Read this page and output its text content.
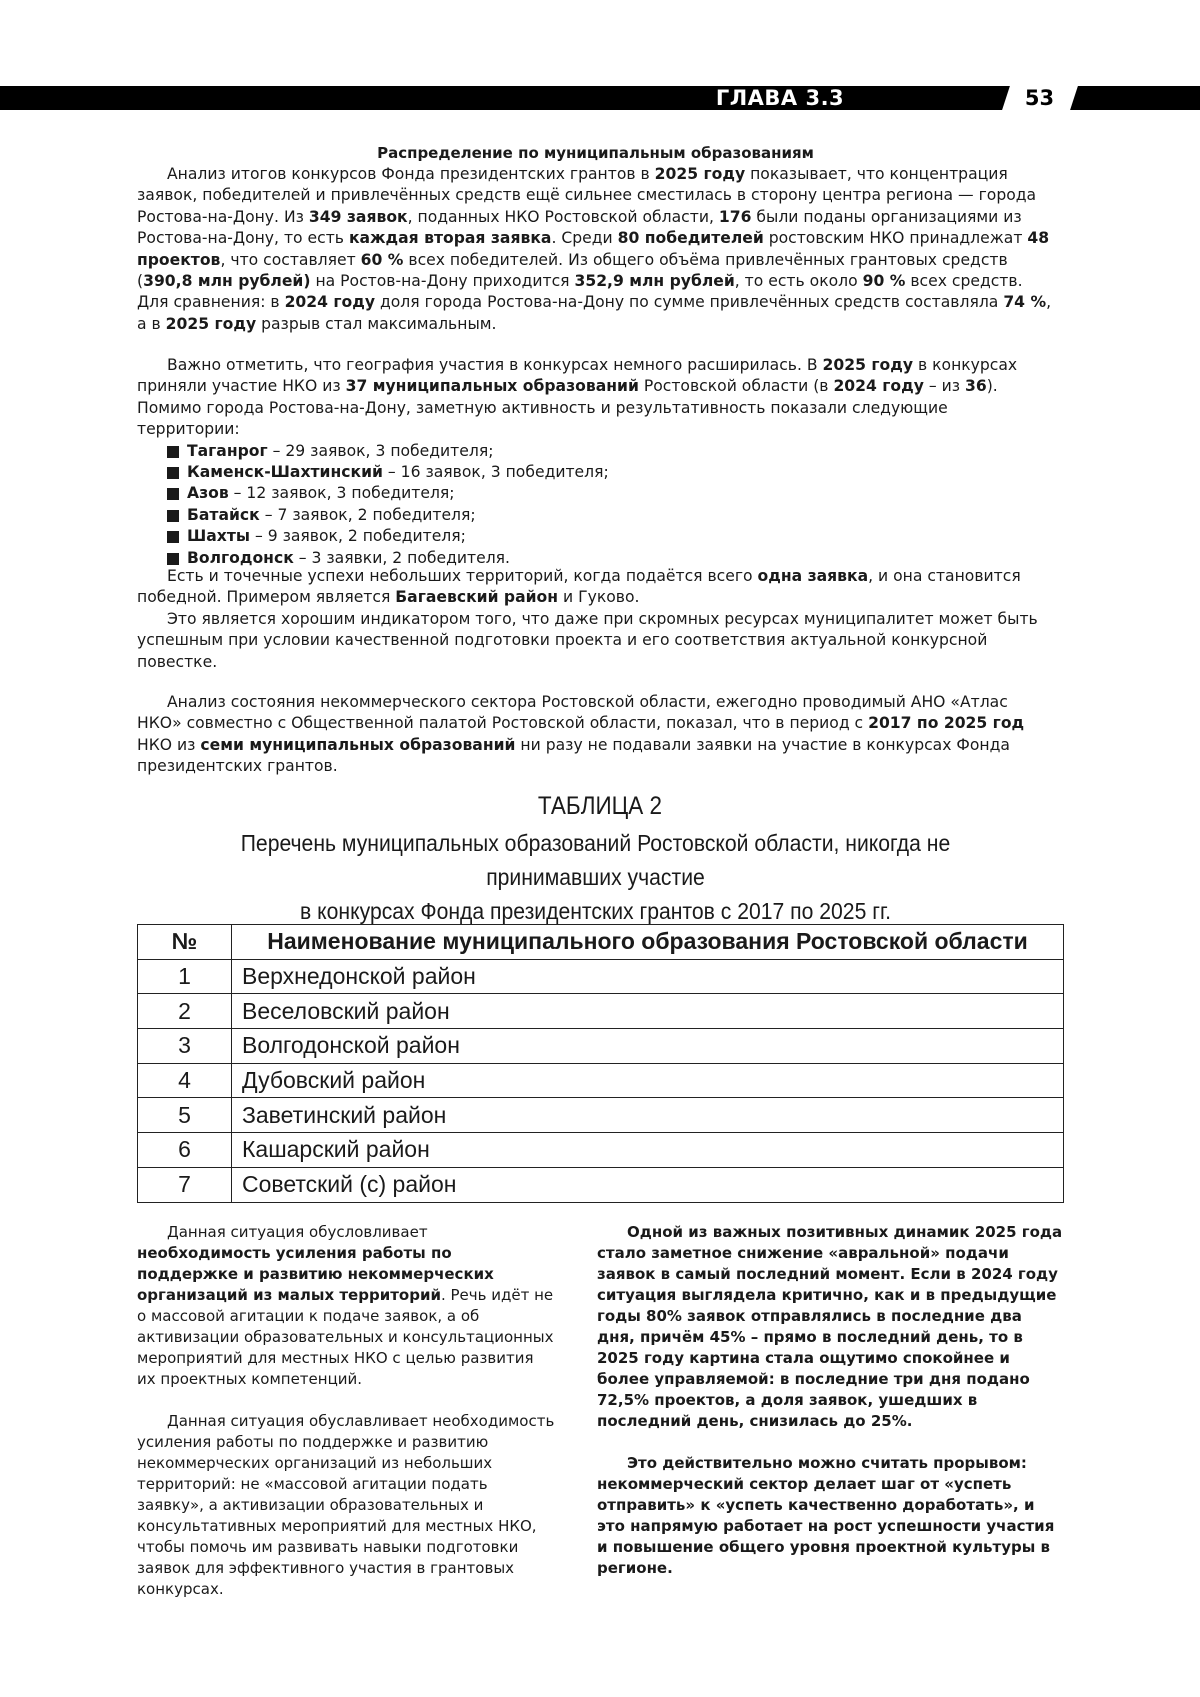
ГЛАВА 3.3	53
Распределение по муниципальным образованиям

Анализ итогов конкурсов Фонда президентских грантов в 2025 году показывает, что концентрация заявок, победителей и привлечённых средств ещё сильнее сместилась в сторону центра региона — города Ростова-на-Дону. Из 349 заявок, поданных НКО Ростовской области, 176 были поданы организациями из Ростова-на-Дону, то есть каждая вторая заявка. Среди 80 победителей ростовским НКО принадлежат 48 проектов, что составляет 60 % всех победителей. Из общего объёма привлечённых грантовых средств (390,8 млн рублей) на Ростов-на-Дону приходится 352,9 млн рублей, то есть около 90 % всех средств. Для сравнения: в 2024 году доля города Ростова-на-Дону по сумме привлечённых средств составляла 74 %, а в 2025 году разрыв стал максимальным.

Важно отметить, что география участия в конкурсах немного расширилась. В 2025 году в конкурсах приняли участие НКО из 37 муниципальных образований Ростовской области (в 2024 году – из 36). Помимо города Ростова-на-Дону, заметную активность и результативность показали следующие территории:

Таганрог – 29 заявок, 3 победителя;
Каменск-Шахтинский – 16 заявок, 3 победителя;
Азов – 12 заявок, 3 победителя;
Батайск – 7 заявок, 2 победителя;
Шахты – 9 заявок, 2 победителя;
Волгодонск – 3 заявки, 2 победителя.

Есть и точечные успехи небольших территорий, когда подаётся всего одна заявка, и она становится победной. Примером является Багаевский район и Гуково.

Это является хорошим индикатором того, что даже при скромных ресурсах муниципалитет может быть успешным при условии качественной подготовки проекта и его соответствия актуальной конкурсной повестке.

Анализ состояния некоммерческого сектора Ростовской области, ежегодно проводимый АНО «Атлас НКО» совместно с Общественной палатой Ростовской области, показал, что в период с 2017 по 2025 год НКО из семи муниципальных образований ни разу не подавали заявки на участие в конкурсах Фонда президентских грантов.

ТАБЛИЦА 2
Перечень муниципальных образований Ростовской области, никогда не принимавших участие
в конкурсах Фонда президентских грантов с 2017 по 2025 гг.
№	Наименование муниципального образования Ростовской области
1	Верхнедонской район
2	Веселовский район
3	Волгодонской район
4	Дубовский район
5	Заветинский район
6	Кашарский район
7	Советский (с) район

Данная ситуация обусловливает необходимость усиления работы по поддержке и развитию некоммерческих организаций из малых территорий. Речь идёт не о массовой агитации к подаче заявок, а об активизации образовательных и консультационных мероприятий для местных НКО с целью развития их проектных компетенций.

Данная ситуация обуславливает необходимость усиления работы по поддержке и развитию некоммерческих организаций из небольших территорий: не «массовой агитации подать заявку», а активизации образовательных и консультативных мероприятий для местных НКО, чтобы помочь им развивать навыки подготовки заявок для эффективного участия в грантовых конкурсах.

Одной из важных позитивных динамик 2025 года стало заметное снижение «авральной» подачи заявок в самый последний момент. Если в 2024 году ситуация выглядела критично, как и в предыдущие годы 80% заявок отправлялись в последние два дня, причём 45% – прямо в последний день, то в 2025 году картина стала ощутимо спокойнее и более управляемой: в последние три дня подано 72,5% проектов, а доля заявок, ушедших в последний день, снизилась до 25%.

Это действительно можно считать прорывом: некоммерческий сектор делает шаг от «успеть отправить» к «успеть качественно доработать», и это напрямую работает на рост успешности участия и повышение общего уровня проектной культуры в регионе.
